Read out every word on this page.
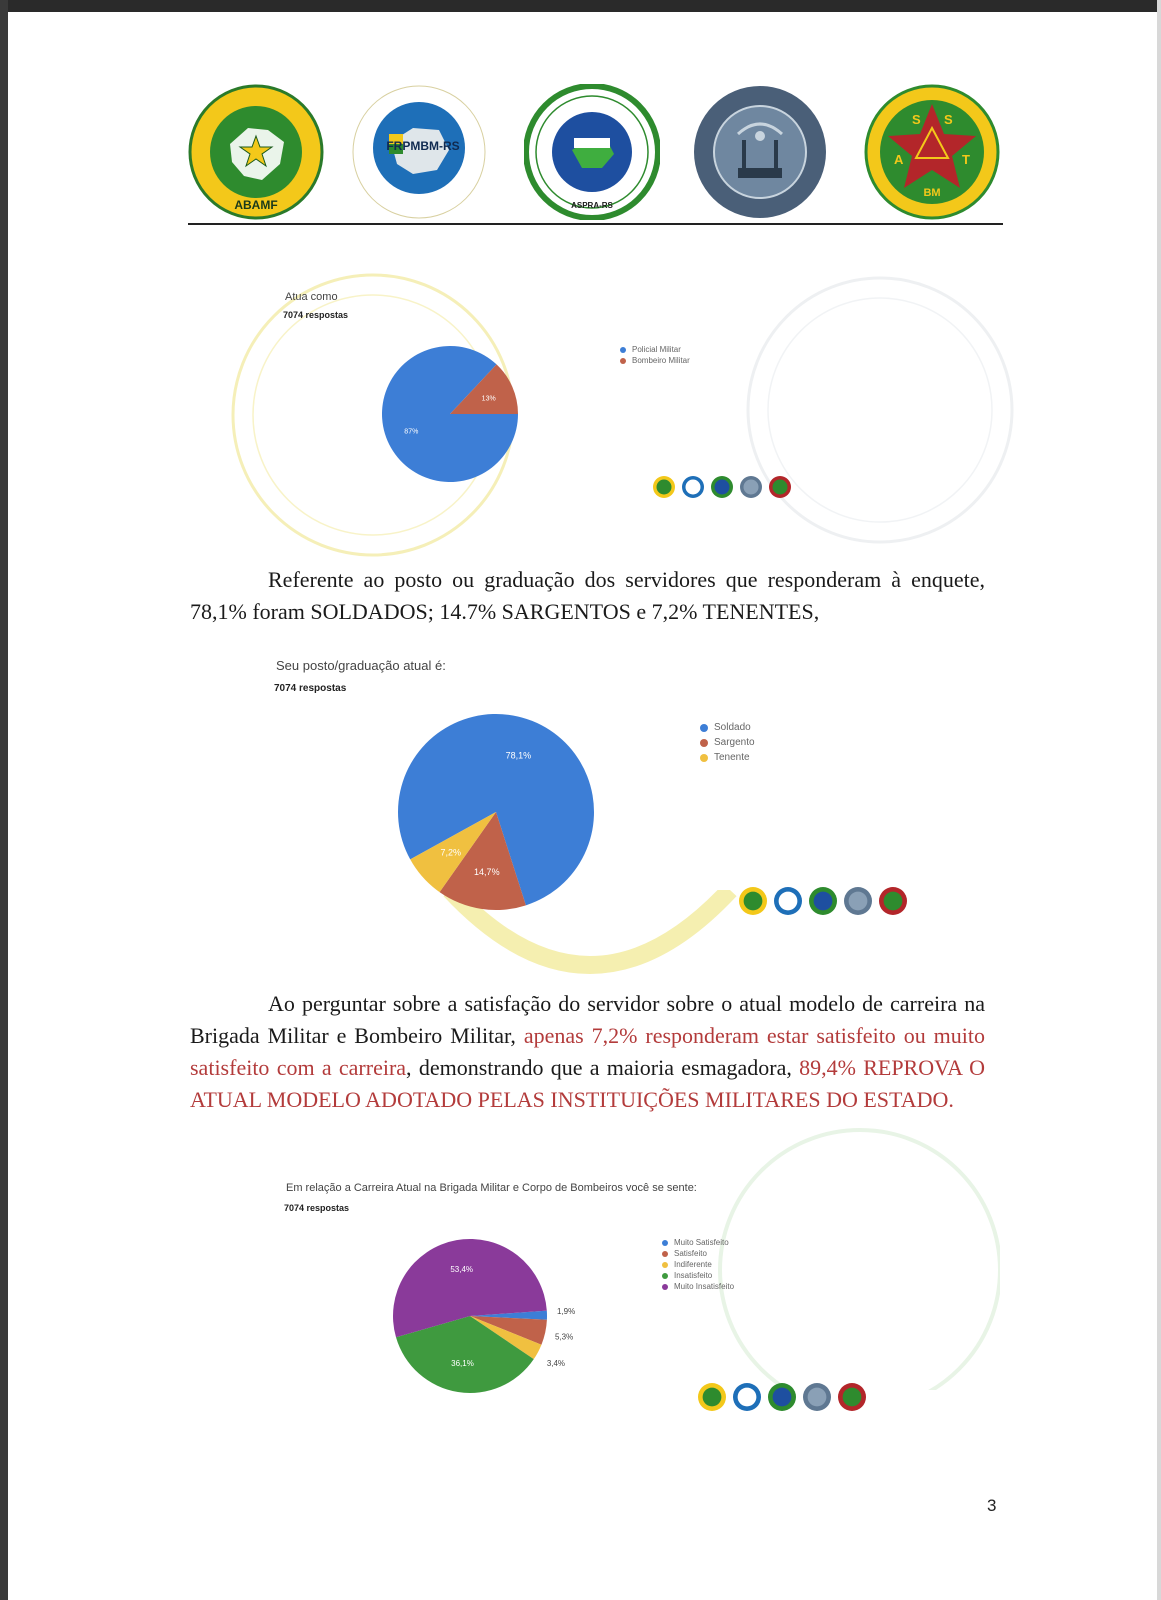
ABAMF
FRPMBM-RS
ASPRA-RS
S S
A	T
BM
Atua como
7074 respostas
87%
13%
Policial Militar
Bombeiro Militar
Referente ao posto ou graduação dos servidores que responderam à enquete, 78,1% foram SOLDADOS; 14.7% SARGENTOS e 7,2% TENENTES,
Seu posto/graduação atual é:
7074 respostas
78,1%
14,7%
7,2%
Soldado
Sargento
Tenente
Ao perguntar sobre a satisfação do servidor sobre o atual modelo de carreira na Brigada Militar e Bombeiro Militar, apenas 7,2% responderam estar satisfeito ou muito satisfeito com a carreira, demonstrando que a maioria esmagadora, 89,4% REPROVA O ATUAL MODELO ADOTADO PELAS INSTITUIÇÕES MILITARES DO ESTADO.
Em relação a Carreira Atual na Brigada Militar e Corpo de Bombeiros você se sente:
7074 respostas
1,9%
5,3%
3,4%
36,1%
53,4%
Muito Satisfeito
Satisfeito
Indiferente
Insatisfeito
Muito Insatisfeito
3
